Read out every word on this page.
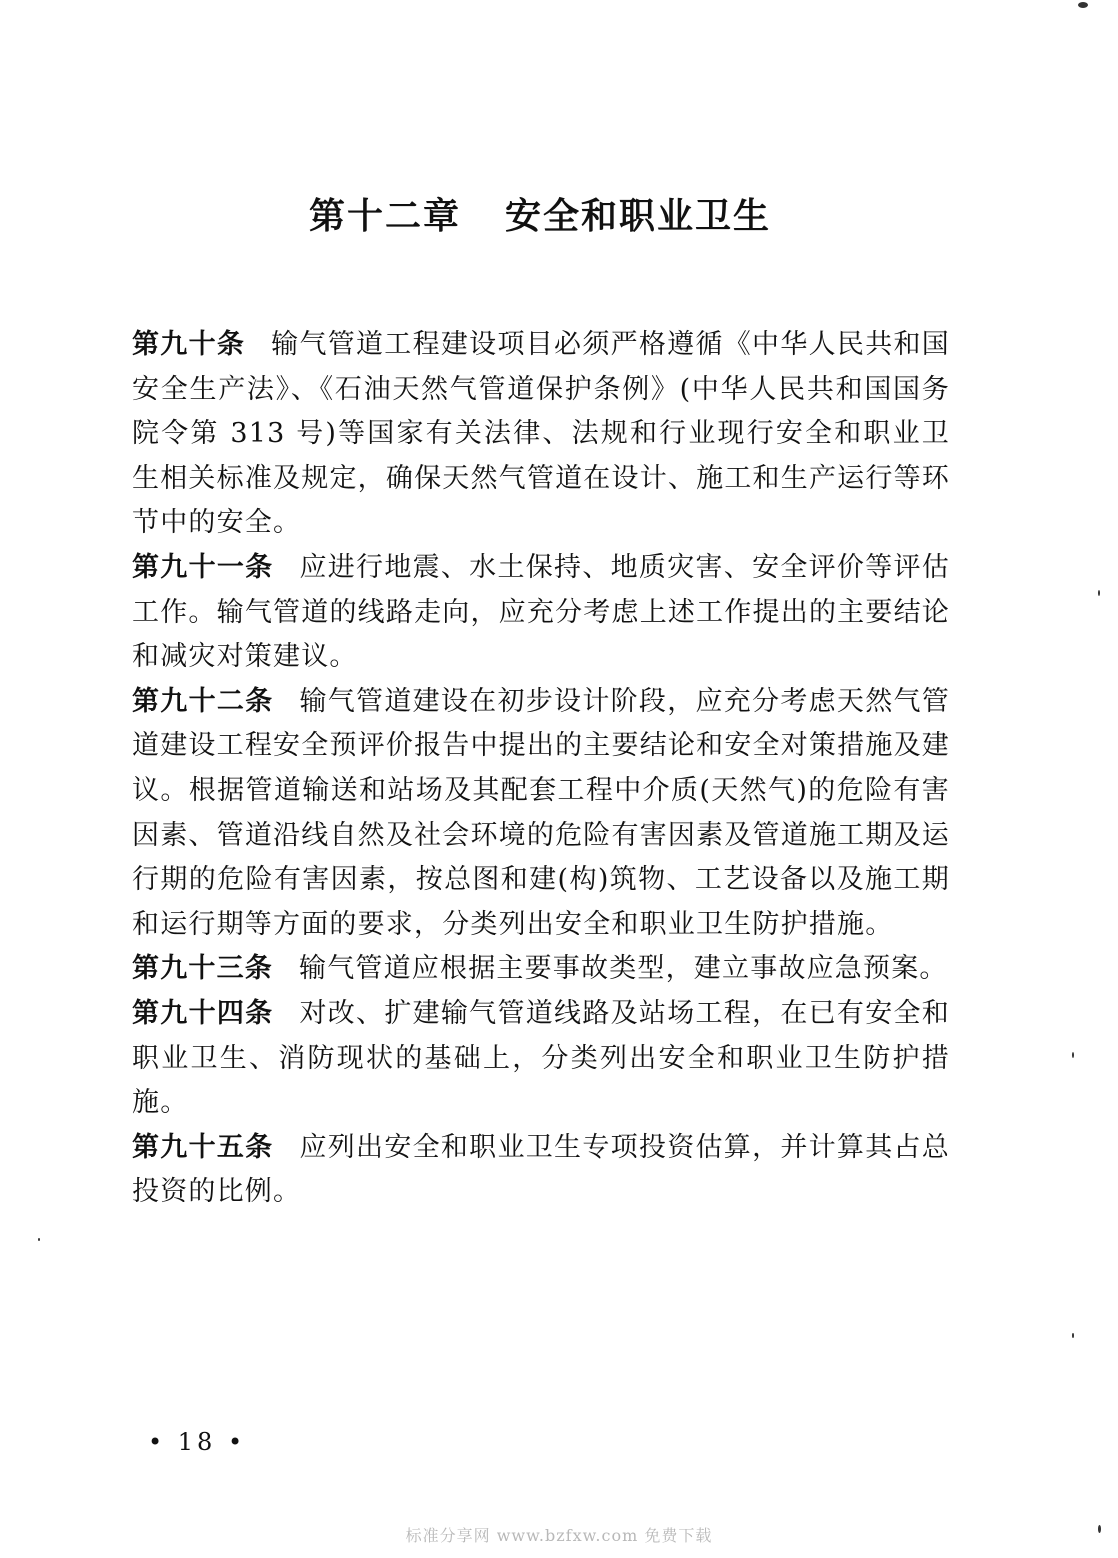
第十二章 安全和职业卫生

第九十条 输气管道工程建设项目必须严格遵循《中华人民共和国安全生产法》、《石油天然气管道保护条例》(中华人民共和国国务院令第 313 号)等国家有关法律、法规和行业现行安全和职业卫生相关标准及规定，确保天然气管道在设计、施工和生产运行等环节中的安全。

第九十一条 应进行地震、水土保持、地质灾害、安全评价等评估工作。输气管道的线路走向，应充分考虑上述工作提出的主要结论和减灾对策建议。

第九十二条 输气管道建设在初步设计阶段，应充分考虑天然气管道建设工程安全预评价报告中提出的主要结论和安全对策措施及建议。根据管道输送和站场及其配套工程中介质(天然气)的危险有害因素、管道沿线自然及社会环境的危险有害因素及管道施工期及运行期的危险有害因素，按总图和建(构)筑物、工艺设备以及施工期和运行期等方面的要求，分类列出安全和职业卫生防护措施。

第九十三条 输气管道应根据主要事故类型，建立事故应急预案。

第九十四条 对改、扩建输气管道线路及站场工程，在已有安全和职业卫生、消防现状的基础上，分类列出安全和职业卫生防护措施。

第九十五条 应列出安全和职业卫生专项投资估算，并计算其占总投资的比例。

• 18 •
标准分享网 www.bzfxw.com 免费下载
